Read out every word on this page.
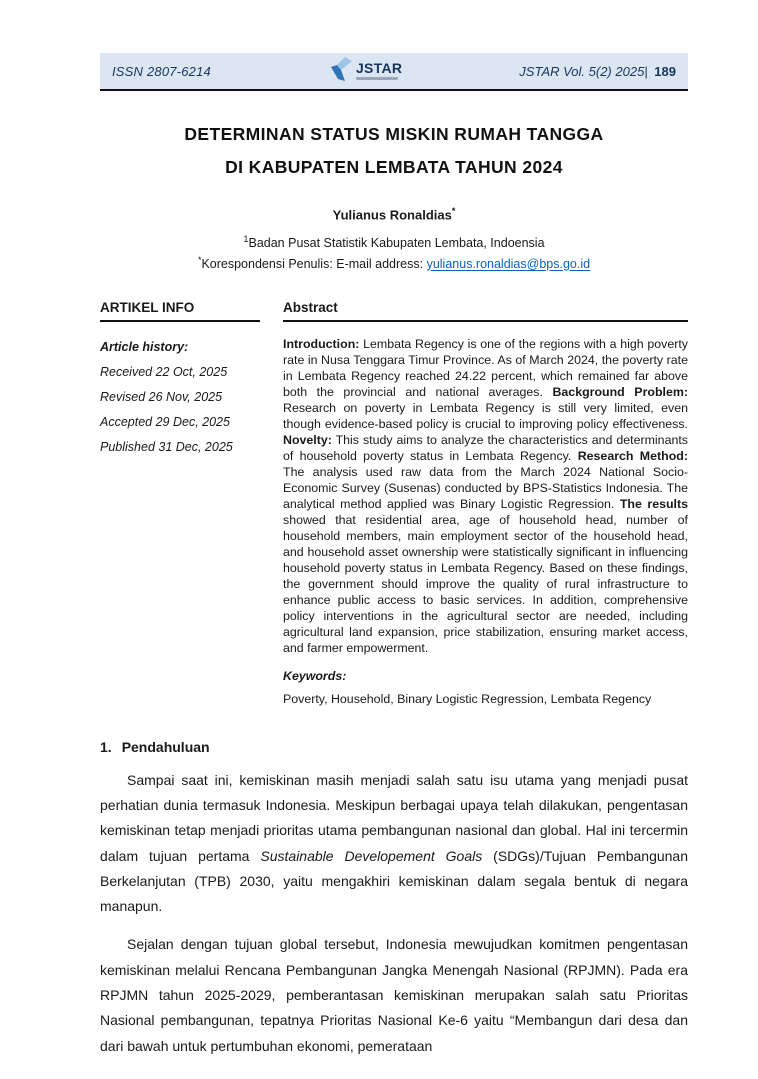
ISSN 2807-6214	JSTAR	JSTAR Vol. 5(2) 2025| 189
DETERMINAN STATUS MISKIN RUMAH TANGGA
DI KABUPATEN LEMBATA TAHUN 2024
Yulianus Ronaldias*
$^1$Badan Pusat Statistik Kabupaten Lembata, Indoensia
*Korespondensi Penulis: E-mail address: yulianus.ronaldias@bps.go.id
ARTIKEL INFO
Article history:
Received 22 Oct, 2025
Revised 26 Nov, 2025
Accepted 29 Dec, 2025
Published 31 Dec, 2025
Abstract

Introduction: Lembata Regency is one of the regions with a high poverty rate in Nusa Tenggara Timur Province. As of March 2024, the poverty rate in Lembata Regency reached 24.22 percent, which remained far above both the provincial and national averages. Background Problem: Research on poverty in Lembata Regency is still very limited, even though evidence-based policy is crucial to improving policy effectiveness. Novelty: This study aims to analyze the characteristics and determinants of household poverty status in Lembata Regency. Research Method: The analysis used raw data from the March 2024 National Socio-Economic Survey (Susenas) conducted by BPS-Statistics Indonesia. The analytical method applied was Binary Logistic Regression. The results showed that residential area, age of household head, number of household members, main employment sector of the household head, and household asset ownership were statistically significant in influencing household poverty status in Lembata Regency. Based on these findings, the government should improve the quality of rural infrastructure to enhance public access to basic services. In addition, comprehensive policy interventions in the agricultural sector are needed, including agricultural land expansion, price stabilization, ensuring market access, and farmer empowerment.

Keywords:
Poverty, Household, Binary Logistic Regression, Lembata Regency
1. Pendahuluan

Sampai saat ini, kemiskinan masih menjadi salah satu isu utama yang menjadi pusat perhatian dunia termasuk Indonesia. Meskipun berbagai upaya telah dilakukan, pengentasan kemiskinan tetap menjadi prioritas utama pembangunan nasional dan global. Hal ini tercermin dalam tujuan pertama Sustainable Developement Goals (SDGs)/Tujuan Pembangunan Berkelanjutan (TPB) 2030, yaitu mengakhiri kemiskinan dalam segala bentuk di negara manapun.

Sejalan dengan tujuan global tersebut, Indonesia mewujudkan komitmen pengentasan kemiskinan melalui Rencana Pembangunan Jangka Menengah Nasional (RPJMN). Pada era RPJMN tahun 2025-2029, pemberantasan kemiskinan merupakan salah satu Prioritas Nasional pembangunan, tepatnya Prioritas Nasional Ke-6 yaitu “Membangun dari desa dan dari bawah untuk pertumbuhan ekonomi, pemerataan
